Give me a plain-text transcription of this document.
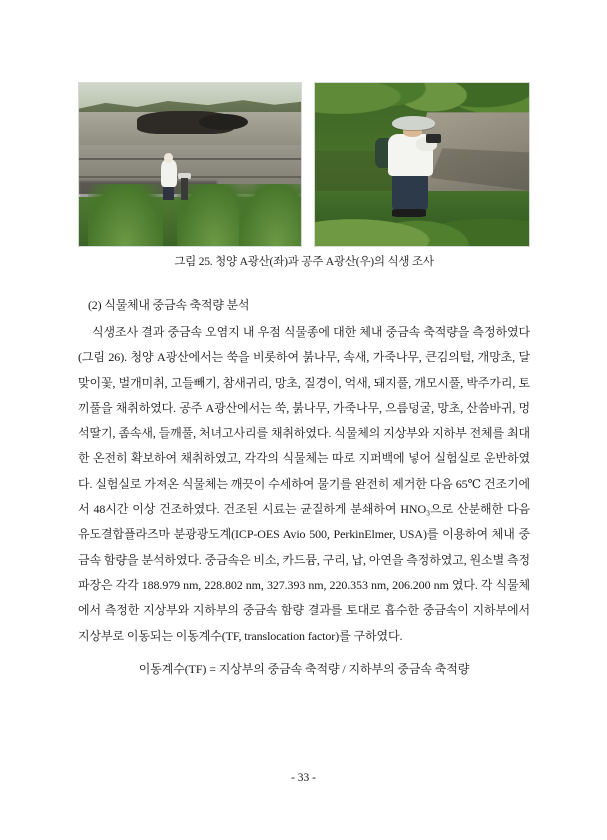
그림 25. 청양 A광산(좌)과 공주 A광산(우)의 식생 조사
(2) 식물체내 중금속 축적량 분석

식생조사 결과 중금속 오염지 내 우점 식물종에 대한 체내 중금속 축적량을 측정하였다(그림 26). 청양 A광산에서는 쑥을 비롯하여 붉나무, 속새, 가죽나무, 큰김의털, 개망초, 달맞이꽃, 벌개미취, 고들빼기, 참새귀리, 망초, 질경이, 억새, 돼지풀, 개모시풀, 박주가리, 토끼풀을 채취하였다. 공주 A광산에서는 쑥, 붉나무, 가죽나무, 으름덩굴, 망초, 산씀바귀, 멍석딸기, 좀속새, 들깨풀, 처녀고사리를 채취하였다. 식물체의 지상부와 지하부 전체를 최대한 온전히 확보하여 채취하였고, 각각의 식물체는 따로 지퍼백에 넣어 실험실로 운반하였다. 실험실로 가져온 식물체는 깨끗이 수세하여 물기를 완전히 제거한 다음 65℃ 건조기에서 48시간 이상 건조하였다. 건조된 시료는 균질하게 분쇄하여 HNO₃으로 산분해한 다음 유도결합플라즈마 분광광도계(ICP-OES Avio 500, PerkinElmer, USA)를 이용하여 체내 중금속 함량을 분석하였다. 중금속은 비소, 카드뮴, 구리, 납, 아연을 측정하였고, 원소별 측정파장은 각각 188.979 nm, 228.802 nm, 327.393 nm, 220.353 nm, 206.200 nm 였다. 각 식물체에서 측정한 지상부와 지하부의 중금속 함량 결과를 토대로 흡수한 중금속이 지하부에서 지상부로 이동되는 이동계수(TF, translocation factor)를 구하였다.

이동계수(TF) = 지상부의 중금속 축적량 / 지하부의 중금속 축적량
- 33 -
